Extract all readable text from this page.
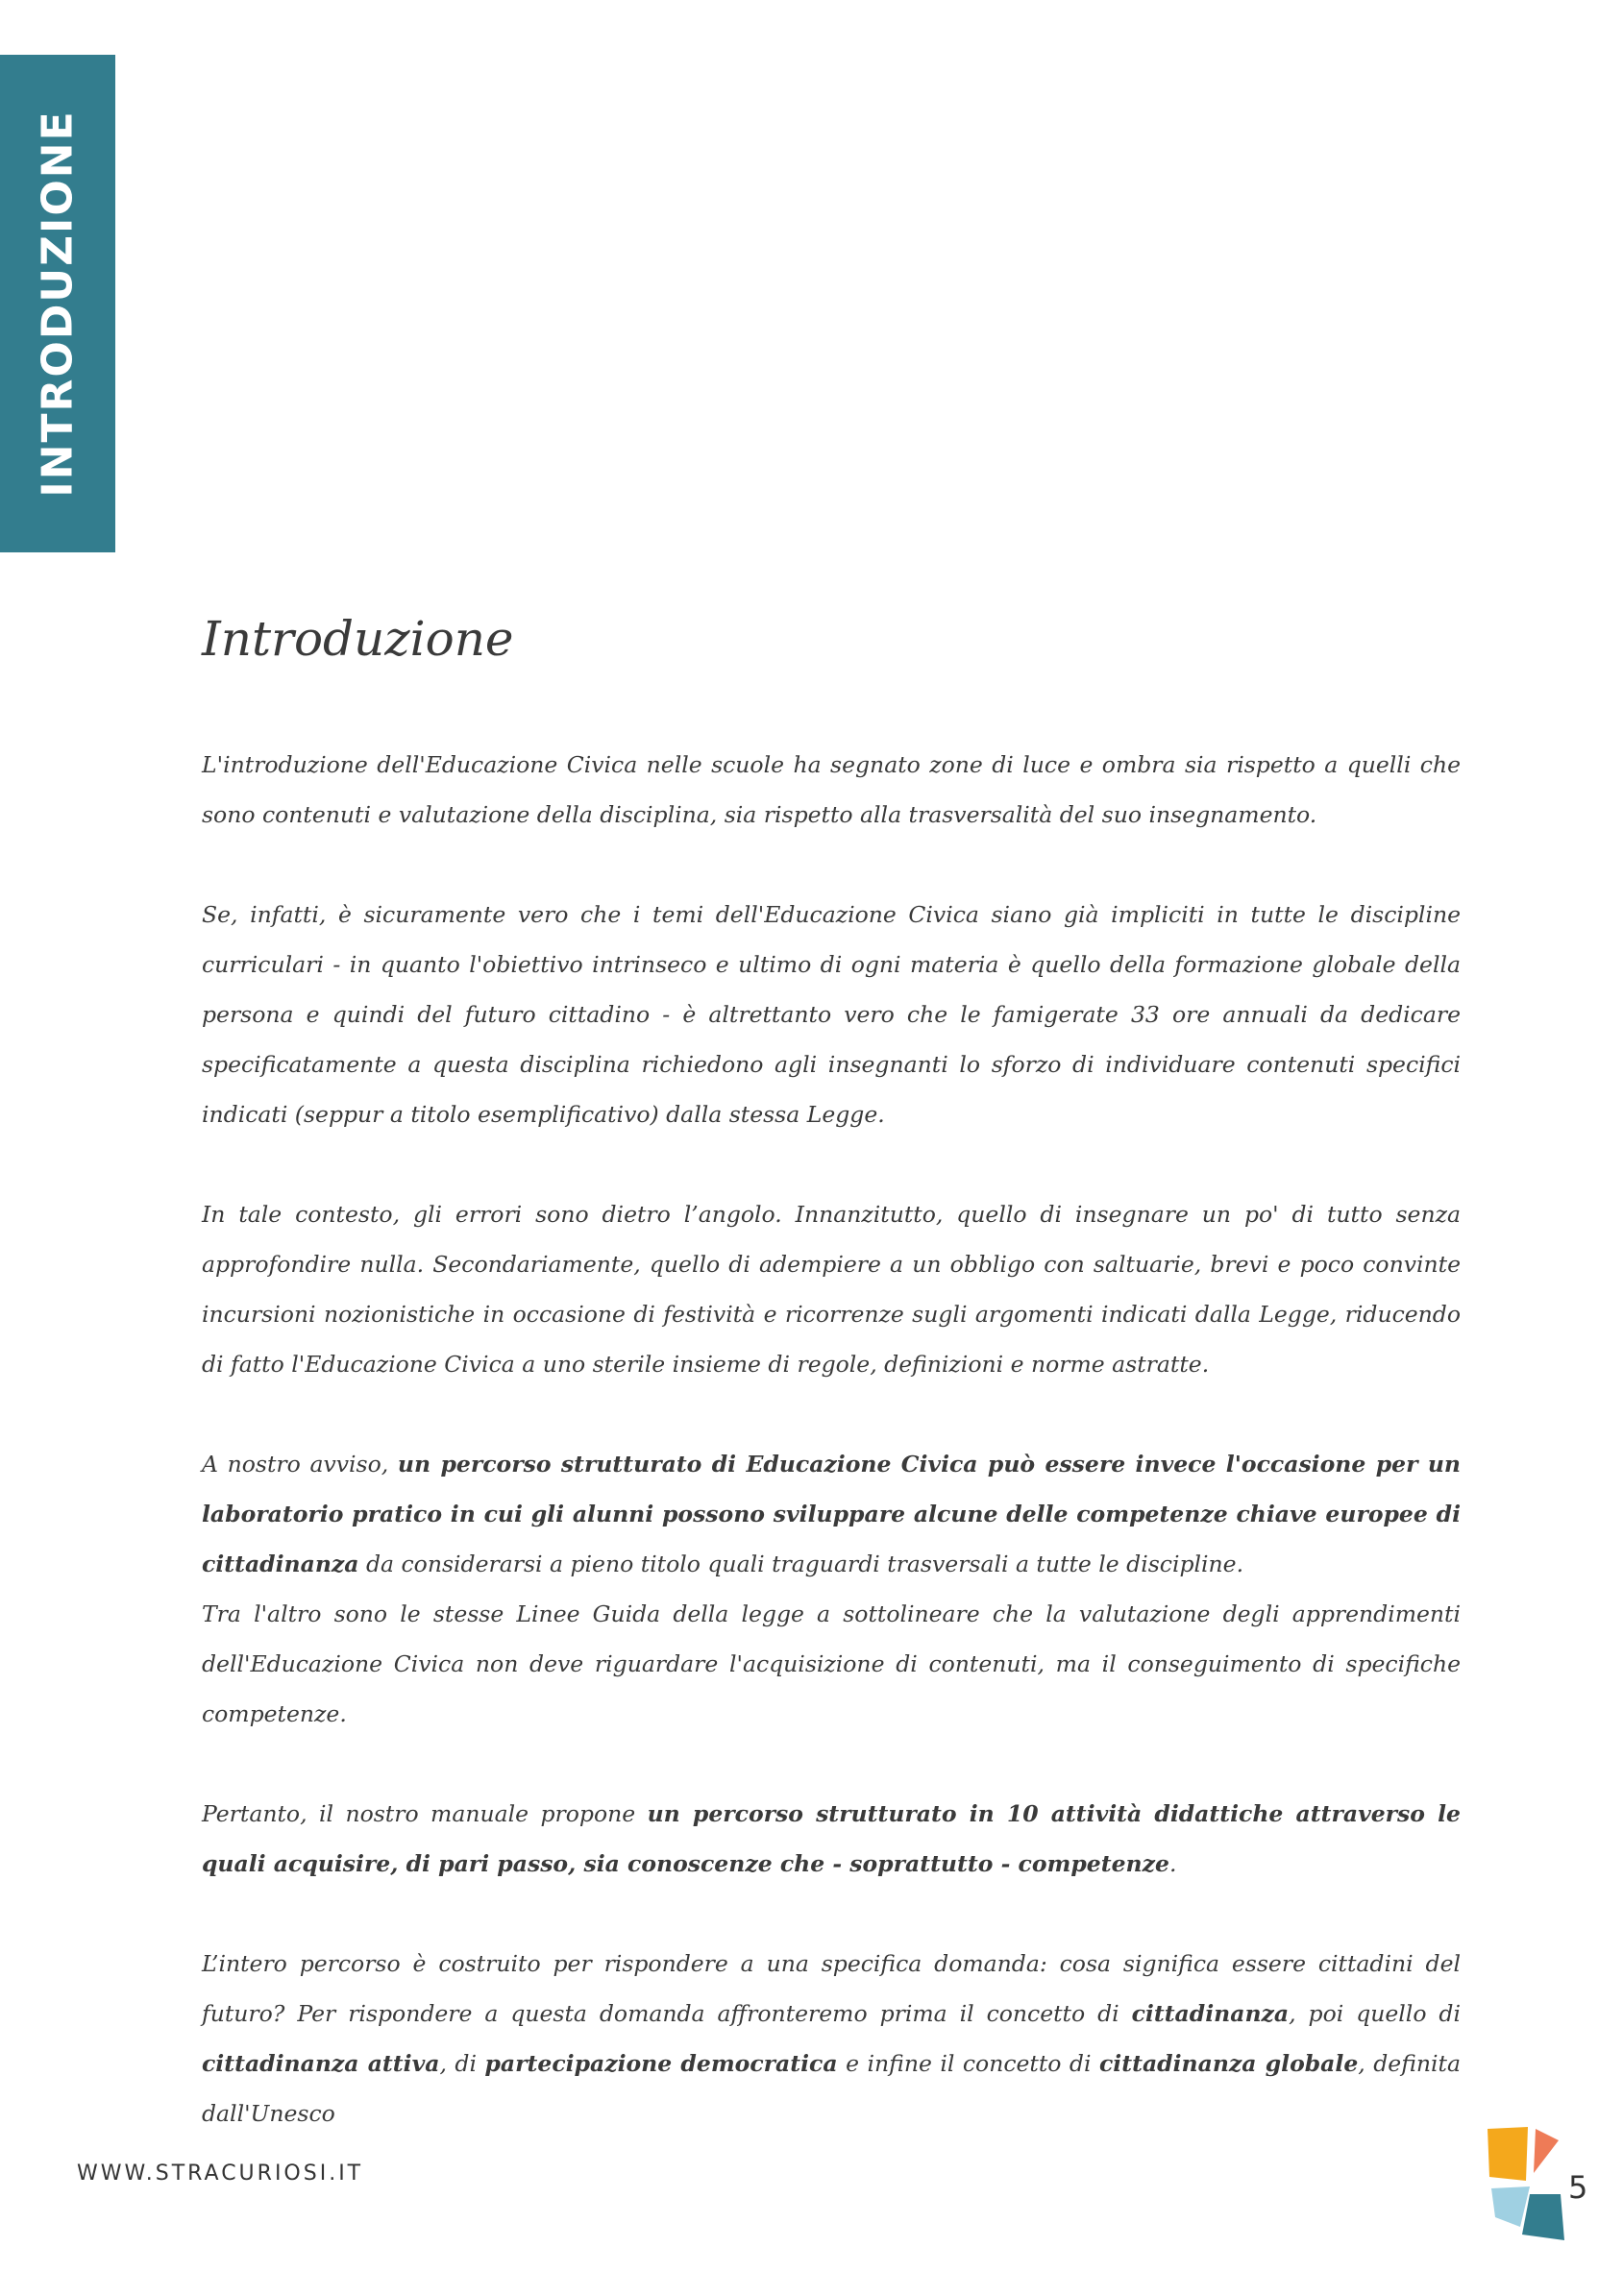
INTRODUZIONE
Introduzione

L'introduzione dell'Educazione Civica nelle scuole ha segnato zone di luce e ombra sia rispetto a quelli che sono contenuti e valutazione della disciplina, sia rispetto alla trasversalità del suo insegnamento.

Se, infatti, è sicuramente vero che i temi dell'Educazione Civica siano già impliciti in tutte le discipline curriculari - in quanto l'obiettivo intrinseco e ultimo di ogni materia è quello della formazione globale della persona e quindi del futuro cittadino - è altrettanto vero che le famigerate 33 ore annuali da dedicare specificatamente a questa disciplina richiedono agli insegnanti lo sforzo di individuare contenuti specifici indicati (seppur a titolo esemplificativo) dalla stessa Legge.

In tale contesto, gli errori sono dietro l’angolo. Innanzitutto, quello di insegnare un po' di tutto senza approfondire nulla. Secondariamente, quello di adempiere a un obbligo con saltuarie, brevi e poco convinte incursioni nozionistiche in occasione di festività e ricorrenze sugli argomenti indicati dalla Legge, riducendo di fatto l'Educazione Civica a uno sterile insieme di regole, definizioni e norme astratte.

A nostro avviso, un percorso strutturato di Educazione Civica può essere invece l'occasione per un laboratorio pratico in cui gli alunni possono sviluppare alcune delle competenze chiave europee di cittadinanza da considerarsi a pieno titolo quali traguardi trasversali a tutte le discipline.

Tra l'altro sono le stesse Linee Guida della legge a sottolineare che la valutazione degli apprendimenti dell'Educazione Civica non deve riguardare l'acquisizione di contenuti, ma il conseguimento di specifiche competenze.

Pertanto, il nostro manuale propone un percorso strutturato in 10 attività didattiche attraverso le quali acquisire, di pari passo, sia conoscenze che - soprattutto - competenze.

L’intero percorso è costruito per rispondere a una specifica domanda: cosa significa essere cittadini del futuro? Per rispondere a questa domanda affronteremo prima il concetto di cittadinanza, poi quello di cittadinanza attiva, di partecipazione democratica e infine il concetto di cittadinanza globale, definita dall'Unesco

WWW.STRACURIOSI.IT	5
